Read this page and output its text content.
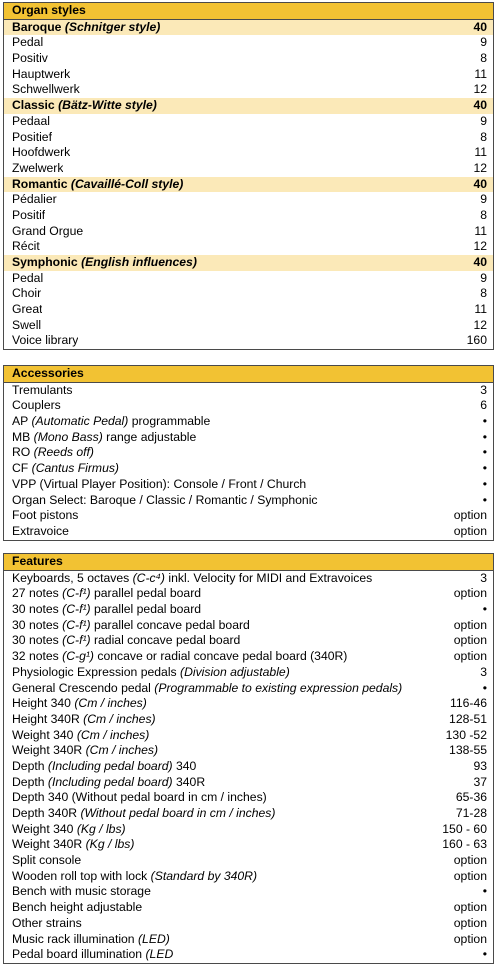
Organ styles
Baroque (Schnitger style)	40
Pedal	9
Positiv	8
Hauptwerk	11
Schwellwerk	12
Classic (Bätz-Witte style)	40
Pedaal	9
Positief	8
Hoofdwerk	11
Zwelwerk	12
Romantic (Cavaillé-Coll style)	40
Pédalier	9
Positif	8
Grand Orgue	11
Récit	12
Symphonic (English influences)	40
Pedal	9
Choir	8
Great	11
Swell	12
Voice library	160
Accessories
Tremulants	3
Couplers	6
AP (Automatic Pedal) programmable	•
MB (Mono Bass) range adjustable	•
RO (Reeds off)	•
CF (Cantus Firmus)	•
VPP (Virtual Player Position): Console / Front / Church	•
Organ Select: Baroque / Classic / Romantic / Symphonic	•
Foot pistons	option
Extravoice	option
Features
Keyboards, 5 octaves (C-c⁴) inkl. Velocity for MIDI and Extravoices	3
27 notes (C-f¹) parallel pedal board	option
30 notes (C-f¹) parallel pedal board	•
30 notes (C-f¹) parallel concave pedal board	option
30 notes (C-f¹) radial concave pedal board	option
32 notes (C-g¹) concave or radial concave pedal board (340R)	option
Physiologic Expression pedals (Division adjustable)	3
General Crescendo pedal (Programmable to existing expression pedals)	•
Height 340 (Cm / inches)	116-46
Height 340R (Cm / inches)	128-51
Weight 340 (Cm / inches)	130 -52
Weight 340R (Cm / inches)	138-55
Depth (Including pedal board) 340	93
Depth (Including pedal board) 340R	37
Depth 340 (Without pedal board in cm / inches)	65-36
Depth 340R (Without pedal board in cm / inches)	71-28
Weight 340 (Kg / lbs)	150 - 60
Weight 340R (Kg / lbs)	160 - 63
Split console	option
Wooden roll top with lock (Standard by 340R)	option
Bench with music storage	•
Bench height adjustable	option
Other strains	option
Music rack illumination (LED)	option
Pedal board illumination (LED	•
